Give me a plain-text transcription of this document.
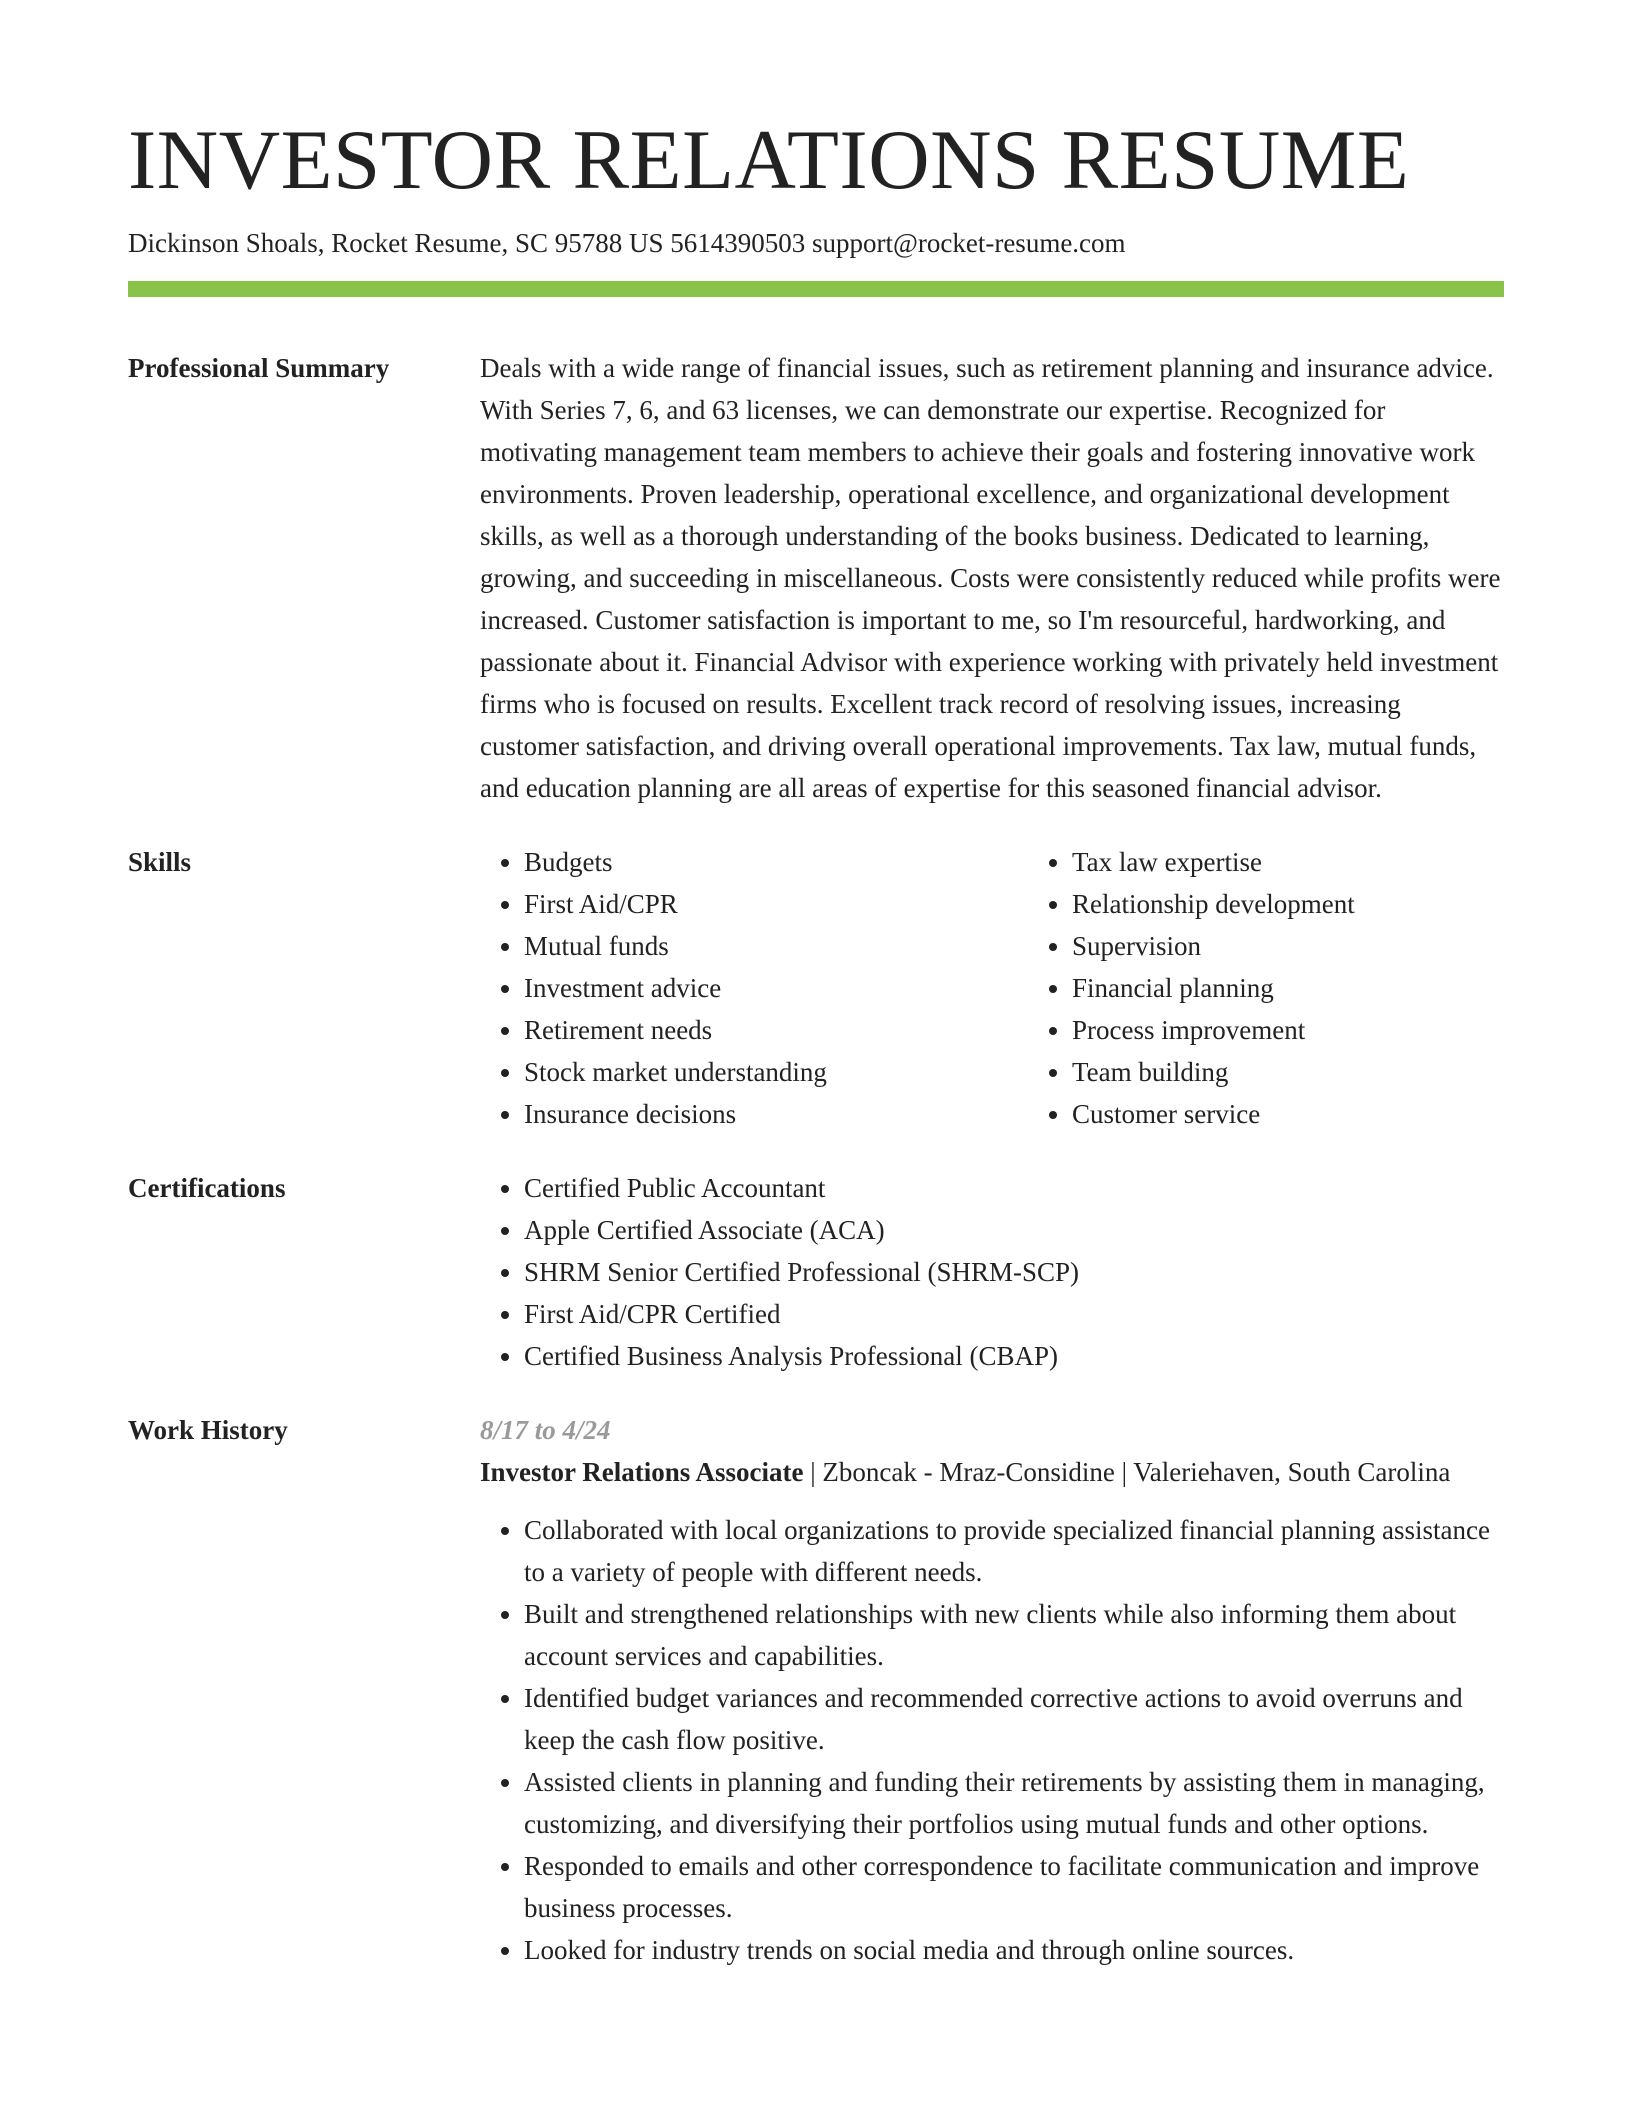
INVESTOR RELATIONS RESUME
Dickinson Shoals, Rocket Resume, SC 95788 US 5614390503 support@rocket-resume.com
Professional Summary	Deals with a wide range of financial issues, such as retirement planning and insurance advice. With Series 7, 6, and 63 licenses, we can demonstrate our expertise. Recognized for motivating management team members to achieve their goals and fostering innovative work environments. Proven leadership, operational excellence, and organizational development skills, as well as a thorough understanding of the books business. Dedicated to learning, growing, and succeeding in miscellaneous. Costs were consistently reduced while profits were increased. Customer satisfaction is important to me, so I'm resourceful, hardworking, and passionate about it. Financial Advisor with experience working with privately held investment firms who is focused on results. Excellent track record of resolving issues, increasing customer satisfaction, and driving overall operational improvements. Tax law, mutual funds, and education planning are all areas of expertise for this seasoned financial advisor.

Skills	• Budgets
• First Aid/CPR
• Mutual funds
• Investment advice
• Retirement needs
• Stock market understanding
• Insurance decisions
• Tax law expertise
• Relationship development
• Supervision
• Financial planning
• Process improvement
• Team building
• Customer service
Certifications	• Certified Public Accountant
• Apple Certified Associate (ACA)
• SHRM Senior Certified Professional (SHRM-SCP)
• First Aid/CPR Certified
• Certified Business Analysis Professional (CBAP)
Work History	8/17 to 4/24

Investor Relations Associate | Zboncak - Mraz-Considine | Valeriehaven, South Carolina

• Collaborated with local organizations to provide specialized financial planning assistance to a variety of people with different needs.
• Built and strengthened relationships with new clients while also informing them about account services and capabilities.
• Identified budget variances and recommended corrective actions to avoid overruns and keep the cash flow positive.
• Assisted clients in planning and funding their retirements by assisting them in managing, customizing, and diversifying their portfolios using mutual funds and other options.
• Responded to emails and other correspondence to facilitate communication and improve business processes.
• Looked for industry trends on social media and through online sources.
